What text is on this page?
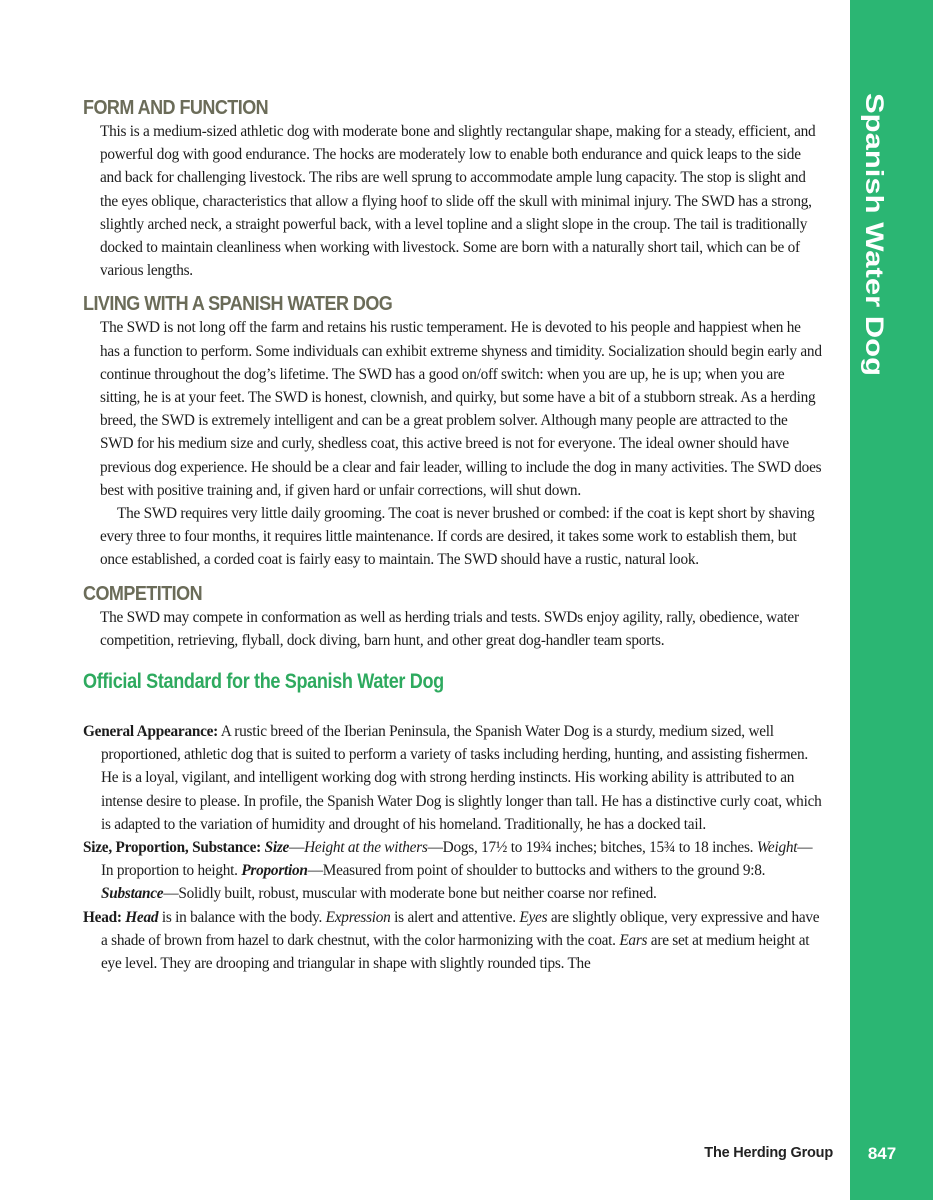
Spanish Water Dog
847
The Herding Group
FORM AND FUNCTION

This is a medium-sized athletic dog with moderate bone and slightly rectangular shape, making for a steady, efficient, and powerful dog with good endurance. The hocks are moderately low to enable both endurance and quick leaps to the side and back for challenging livestock. The ribs are well sprung to accommodate ample lung capacity. The stop is slight and the eyes oblique, characteristics that allow a flying hoof to slide off the skull with minimal injury. The SWD has a strong, slightly arched neck, a straight powerful back, with a level topline and a slight slope in the croup. The tail is traditionally docked to maintain cleanliness when working with livestock. Some are born with a naturally short tail, which can be of various lengths.

LIVING WITH A SPANISH WATER DOG

The SWD is not long off the farm and retains his rustic temperament. He is devoted to his people and happiest when he has a function to perform. Some individuals can exhibit extreme shyness and timidity. Socialization should begin early and continue throughout the dog’s lifetime. The SWD has a good on/off switch: when you are up, he is up; when you are sitting, he is at your feet. The SWD is honest, clownish, and quirky, but some have a bit of a stubborn streak. As a herding breed, the SWD is extremely intelligent and can be a great problem solver. Although many people are attracted to the SWD for his medium size and curly, shedless coat, this active breed is not for everyone. The ideal owner should have previous dog experience. He should be a clear and fair leader, willing to include the dog in many activities. The SWD does best with positive training and, if given hard or unfair corrections, will shut down.

The SWD requires very little daily grooming. The coat is never brushed or combed: if the coat is kept short by shaving every three to four months, it requires little maintenance. If cords are desired, it takes some work to establish them, but once established, a corded coat is fairly easy to maintain. The SWD should have a rustic, natural look.

COMPETITION

The SWD may compete in conformation as well as herding trials and tests. SWDs enjoy agility, rally, obedience, water competition, retrieving, flyball, dock diving, barn hunt, and other great dog-handler team sports.

Official Standard for the Spanish Water Dog

General Appearance: A rustic breed of the Iberian Peninsula, the Spanish Water Dog is a sturdy, medium sized, well proportioned, athletic dog that is suited to perform a variety of tasks including herding, hunting, and assisting fishermen. He is a loyal, vigilant, and intelligent working dog with strong herding instincts. His working ability is attributed to an intense desire to please. In profile, the Spanish Water Dog is slightly longer than tall. He has a distinctive curly coat, which is adapted to the variation of humidity and drought of his homeland. Traditionally, he has a docked tail.

Size, Proportion, Substance: Size—Height at the withers—Dogs, 17½ to 19¾ inches; bitches, 15¾ to 18 inches. Weight—In proportion to height. Proportion—Measured from point of shoulder to buttocks and withers to the ground 9:8. Substance—Solidly built, robust, muscular with moderate bone but neither coarse nor refined.

Head: Head is in balance with the body. Expression is alert and attentive. Eyes are slightly oblique, very expressive and have a shade of brown from hazel to dark chestnut, with the color harmonizing with the coat. Ears are set at medium height at eye level. They are drooping and triangular in shape with slightly rounded tips. The
